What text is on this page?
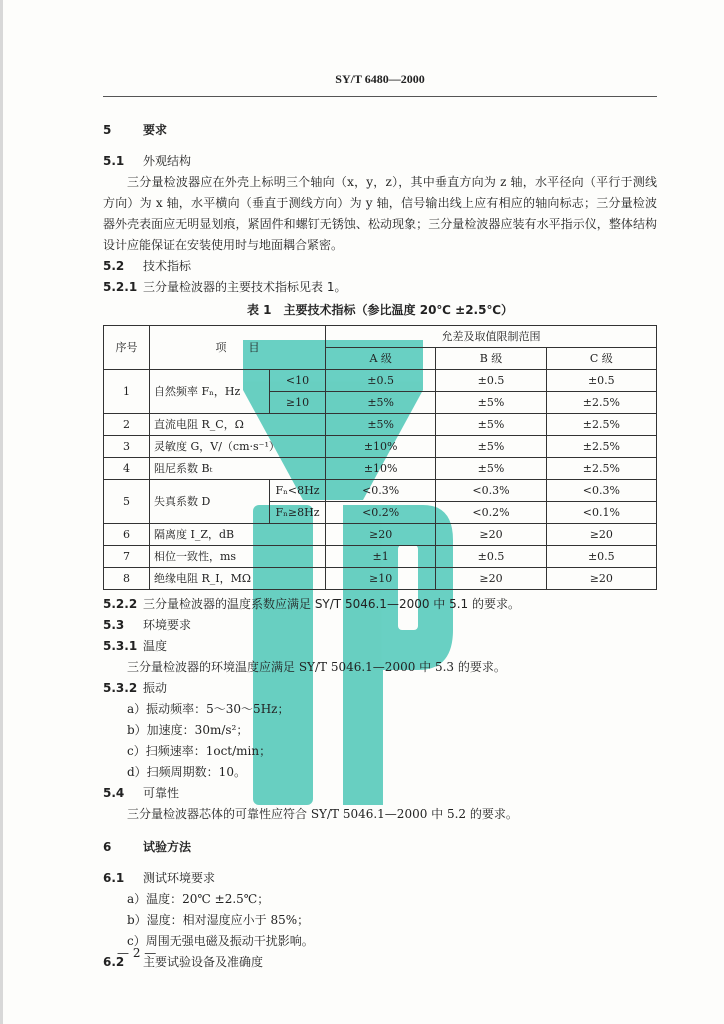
SY/T 6480—2000
5	要求
5.1 外观结构
三分量检波器应在外壳上标明三个轴向（x，y，z），其中垂直方向为 z 轴，水平径向（平行于测线方向）为 x 轴，水平横向（垂直于测线方向）为 y 轴，信号输出线上应有相应的轴向标志；三分量检波器外壳表面应无明显划痕，紧固件和螺钉无锈蚀、松动现象；三分量检波器应装有水平指示仪，整体结构设计应能保证在安装使用时与地面耦合紧密。
5.2 技术指标
5.2.1 三分量检波器的主要技术指标见表 1。
表 1　 主要技术指标（参比温度 20℃ ±2.5℃）
序号	项　　目		允差及取值限制范围		
			A 级	B 级	C 级
1	自然频率 Fₙ，Hz	<10	±0.5	±0.5	±0.5
		≥10	±5%	±5%	±2.5%
2	直流电阻 R_C，Ω		±5%	±5%	±2.5%
3	灵敏度 G，V/（cm·s⁻¹）		±10%	±5%	±2.5%
4	阻尼系数 Bₜ		±10%	±5%	±2.5%
5	失真系数 D	Fₙ<8Hz	<0.3%	<0.3%	<0.3%
		Fₙ≥8Hz	<0.2%	<0.2%	<0.1%
6	隔离度 I_Z，dB		≥20	≥20	≥20
7	相位一致性，ms		±1	±0.5	±0.5
8	绝缘电阻 R_I，MΩ		≥10	≥20	≥20
5.2.2 三分量检波器的温度系数应满足 SY/T 5046.1—2000 中 5.1 的要求。
5.3 环境要求
5.3.1 温度
三分量检波器的环境温度应满足 SY/T 5046.1—2000 中 5.3 的要求。
5.3.2 振动
a）振动频率：5～30～5Hz；
b）加速度：30m/s²；
c）扫频速率：1oct/min；
d）扫频周期数：10。
5.4 可靠性
三分量检波器芯体的可靠性应符合 SY/T 5046.1—2000 中 5.2 的要求。
6	试验方法
6.1 测试环境要求
a）温度：20℃ ±2.5℃；
b）湿度：相对湿度应小于 85%；
c）周围无强电磁及振动干扰影响。
6.2 主要试验设备及准确度
— 2 —
